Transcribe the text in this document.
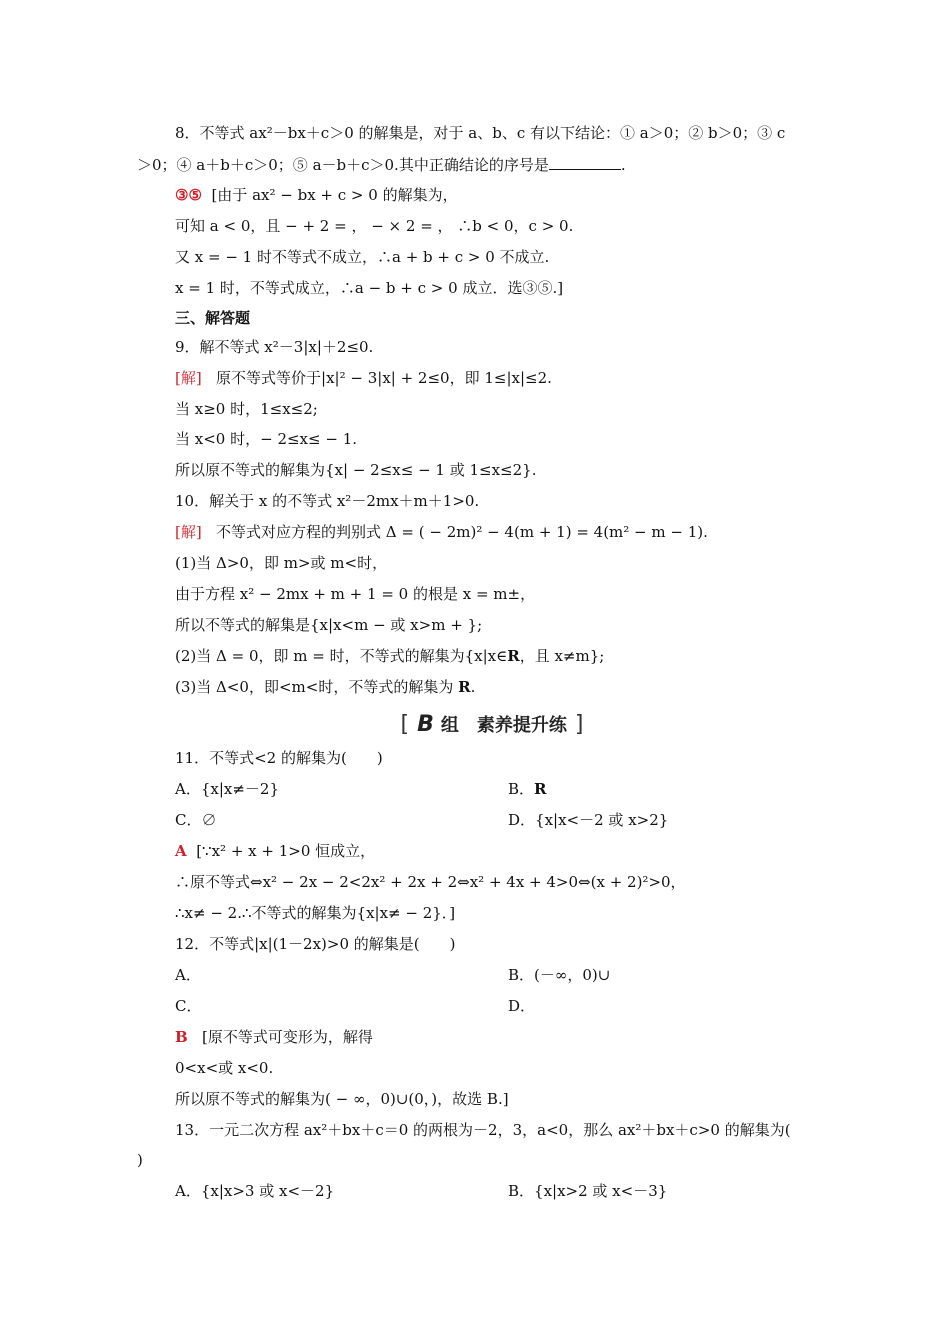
8．不等式 ax²－bx＋c＞0 的解集是，对于 a、b、c 有以下结论：① a＞0；② b＞0；③ c
＞0；④ a＋b＋c＞0；⑤ a－b＋c＞0.其中正确结论的序号是	.
③⑤ [由于 ax² − bx + c > 0 的解集为，
可知 a < 0，且 − + 2 = ， − × 2 = ， ∴b < 0，c > 0.
又 x = − 1 时不等式不成立，∴a + b + c > 0 不成立.
x = 1 时，不等式成立，∴a − b + c > 0 成立．选③⑤.]
三、解答题
9．解不等式 x²－3|x|＋2≤0.
[解] 原不等式等价于|x|² − 3|x| + 2≤0，即 1≤|x|≤2.
当 x≥0 时，1≤x≤2;
当 x<0 时，− 2≤x≤ − 1.
所以原不等式的解集为{x| − 2≤x≤ − 1 或 1≤x≤2}.
10．解关于 x 的不等式 x²－2mx＋m＋1>0.
[解] 不等式对应方程的判别式 Δ = ( − 2m)² − 4(m + 1) = 4(m² − m − 1).
(1)当 Δ>0，即 m>或 m<时，
由于方程 x² − 2mx + m + 1 = 0 的根是 x = m±，
所以不等式的解集是{x|x<m − 或 x>m + };
(2)当 Δ = 0，即 m = 时，不等式的解集为{x|x∈R，且 x≠m};
(3)当 Δ<0，即<m<时，不等式的解集为 R.
[ B 组　素养提升练 ]
11．不等式<2 的解集为(　　)
A．{x|x≠－2}	B．R
C．∅	D．{x|x<－2 或 x>2}
A [∵x² + x + 1>0 恒成立，
∴原不等式⇔x² − 2x − 2<2x² + 2x + 2⇔x² + 4x + 4>0⇔(x + 2)²>0，
∴x≠ − 2.∴不等式的解集为{x|x≠ − 2}．]
12．不等式|x|(1－2x)>0 的解集是(　　)
A．	B．(－∞，0)∪
C．	D．
B [原不等式可变形为，解得
0<x<或 x<0.
所以原不等式的解集为( − ∞，0)∪(0，)，故选 B.]
13．一元二次方程 ax²＋bx＋c＝0 的两根为－2，3，a<0，那么 ax²＋bx＋c>0 的解集为(
)
A．{x|x>3 或 x<－2}	B．{x|x>2 或 x<－3}
